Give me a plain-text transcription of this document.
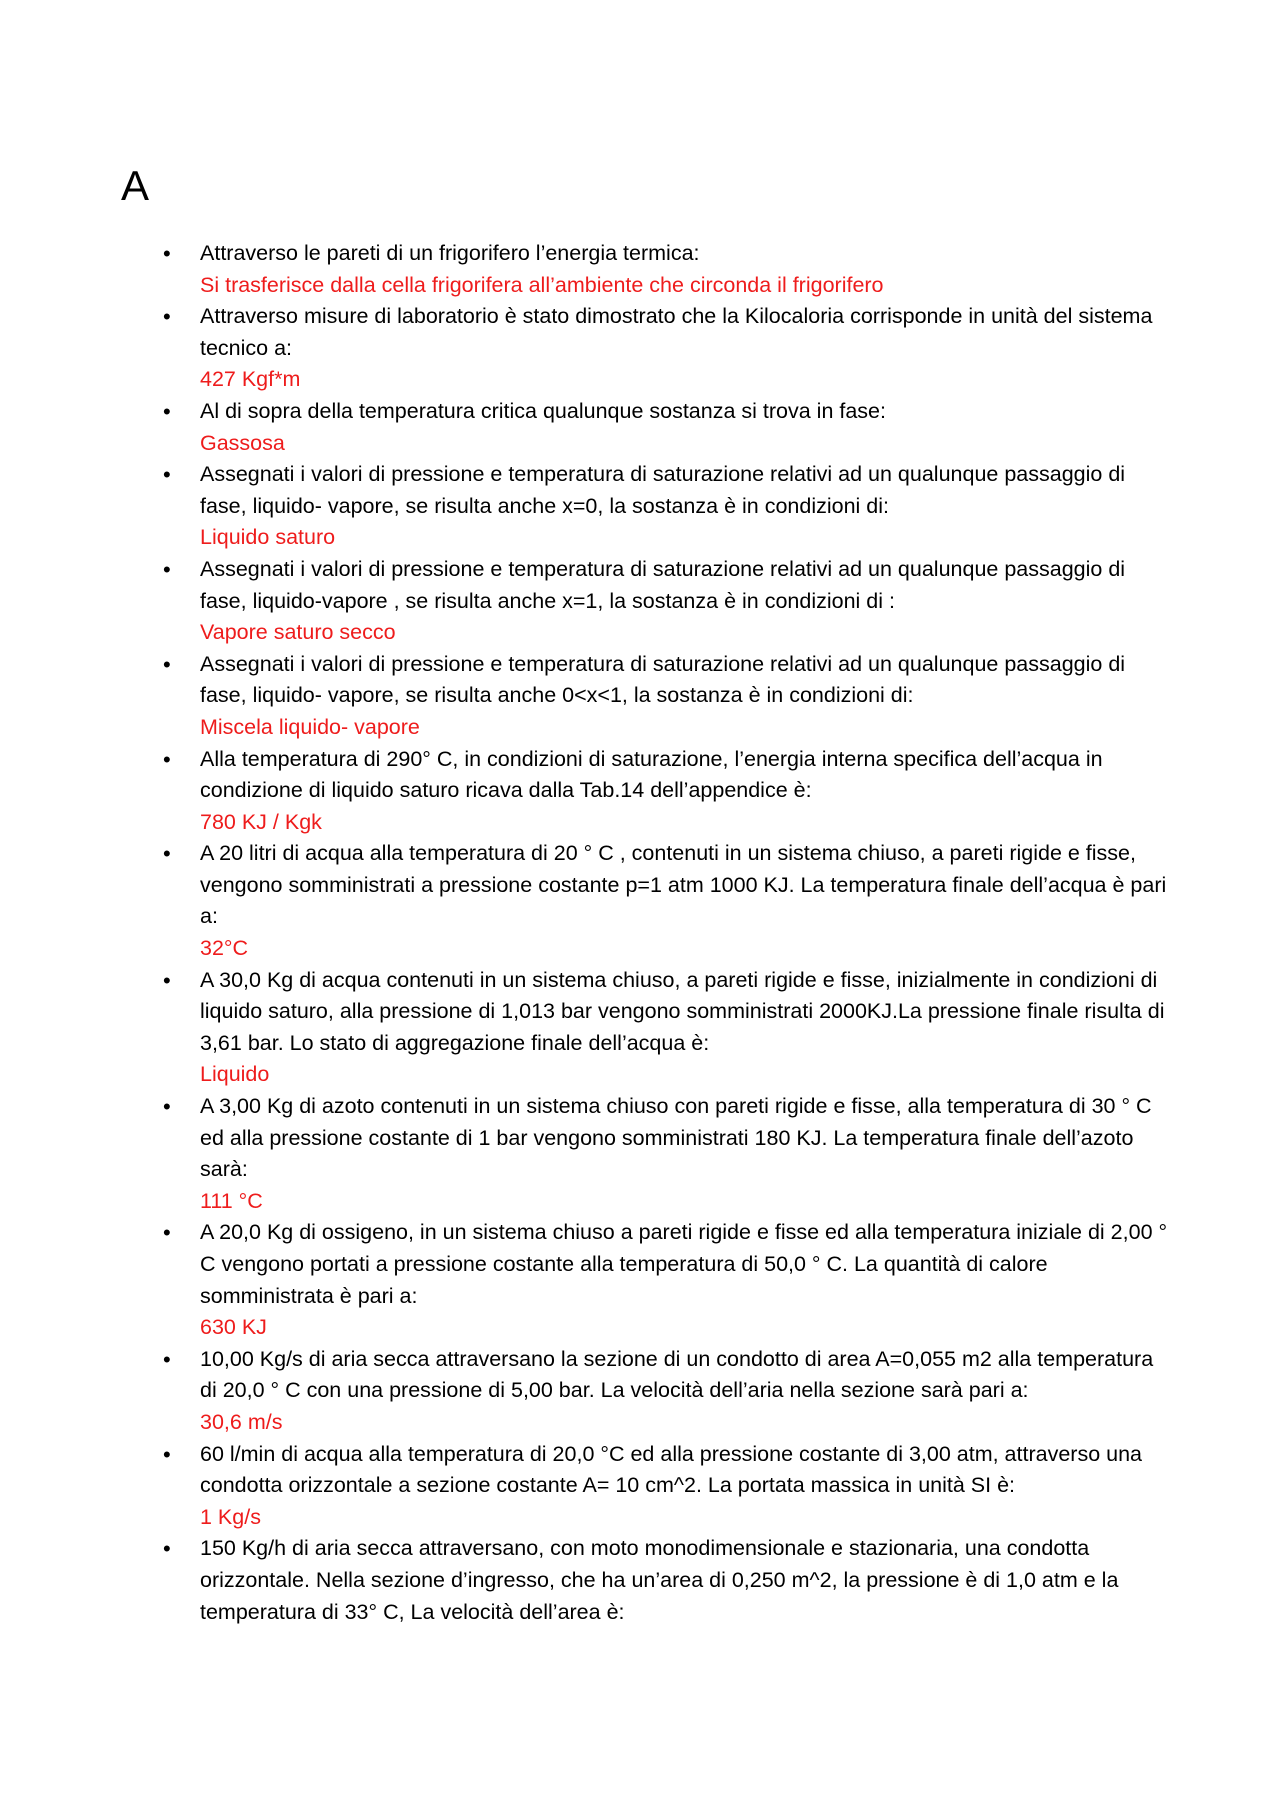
A
• Attraverso le pareti di un frigorifero l’energia termica:
Si trasferisce dalla cella frigorifera all’ambiente che circonda il frigorifero
• Attraverso misure di laboratorio è stato dimostrato che la Kilocaloria corrisponde in unità del sistema tecnico a:
427 Kgf*m
• Al di sopra della temperatura critica qualunque sostanza si trova in fase:
Gassosa
• Assegnati i valori di pressione e temperatura di saturazione relativi ad un qualunque passaggio di fase, liquido- vapore, se risulta anche x=0, la sostanza è in condizioni di:
Liquido saturo
• Assegnati i valori di pressione e temperatura di saturazione relativi ad un qualunque passaggio di fase, liquido-vapore , se risulta anche x=1, la sostanza è in condizioni di :
Vapore saturo secco
• Assegnati i valori di pressione e temperatura di saturazione relativi ad un qualunque passaggio di fase, liquido- vapore, se risulta anche 0<x<1, la sostanza è in condizioni di:
Miscela liquido- vapore
• Alla temperatura di 290° C, in condizioni di saturazione, l’energia interna specifica dell’acqua in condizione di liquido saturo ricava dalla Tab.14 dell’appendice è:
780 KJ / Kgk
• A 20 litri di acqua alla temperatura di 20 ° C , contenuti in un sistema chiuso, a pareti rigide e fisse, vengono somministrati a pressione costante p=1 atm 1000 KJ. La temperatura finale dell’acqua è pari a:
32°C
• A 30,0 Kg di acqua contenuti in un sistema chiuso, a pareti rigide e fisse, inizialmente in condizioni di liquido saturo, alla pressione di 1,013 bar vengono somministrati 2000KJ.La pressione finale risulta di 3,61 bar. Lo stato di aggregazione finale dell’acqua è:
Liquido
• A 3,00 Kg di azoto contenuti in un sistema chiuso con pareti rigide e fisse, alla temperatura di 30 ° C ed alla pressione costante di 1 bar vengono somministrati 180 KJ. La temperatura finale dell’azoto sarà:
111 °C
• A 20,0 Kg di ossigeno, in un sistema chiuso a pareti rigide e fisse ed alla temperatura iniziale di 2,00 ° C vengono portati a pressione costante alla temperatura di 50,0 ° C. La quantità di calore somministrata è pari a:
630 KJ
• 10,00 Kg/s di aria secca attraversano la sezione di un condotto di area A=0,055 m2 alla temperatura di 20,0 ° C con una pressione di 5,00 bar. La velocità dell’aria nella sezione sarà pari a:
30,6 m/s
• 60 l/min di acqua alla temperatura di 20,0 °C ed alla pressione costante di 3,00 atm, attraverso una condotta orizzontale a sezione costante A= 10 cm^2. La portata massica in unità SI è:
1 Kg/s
• 150 Kg/h di aria secca attraversano, con moto monodimensionale e stazionaria, una condotta orizzontale. Nella sezione d’ingresso, che ha un’area di 0,250 m^2, la pressione è di 1,0 atm e la temperatura di 33° C, La velocità dell’area è:
